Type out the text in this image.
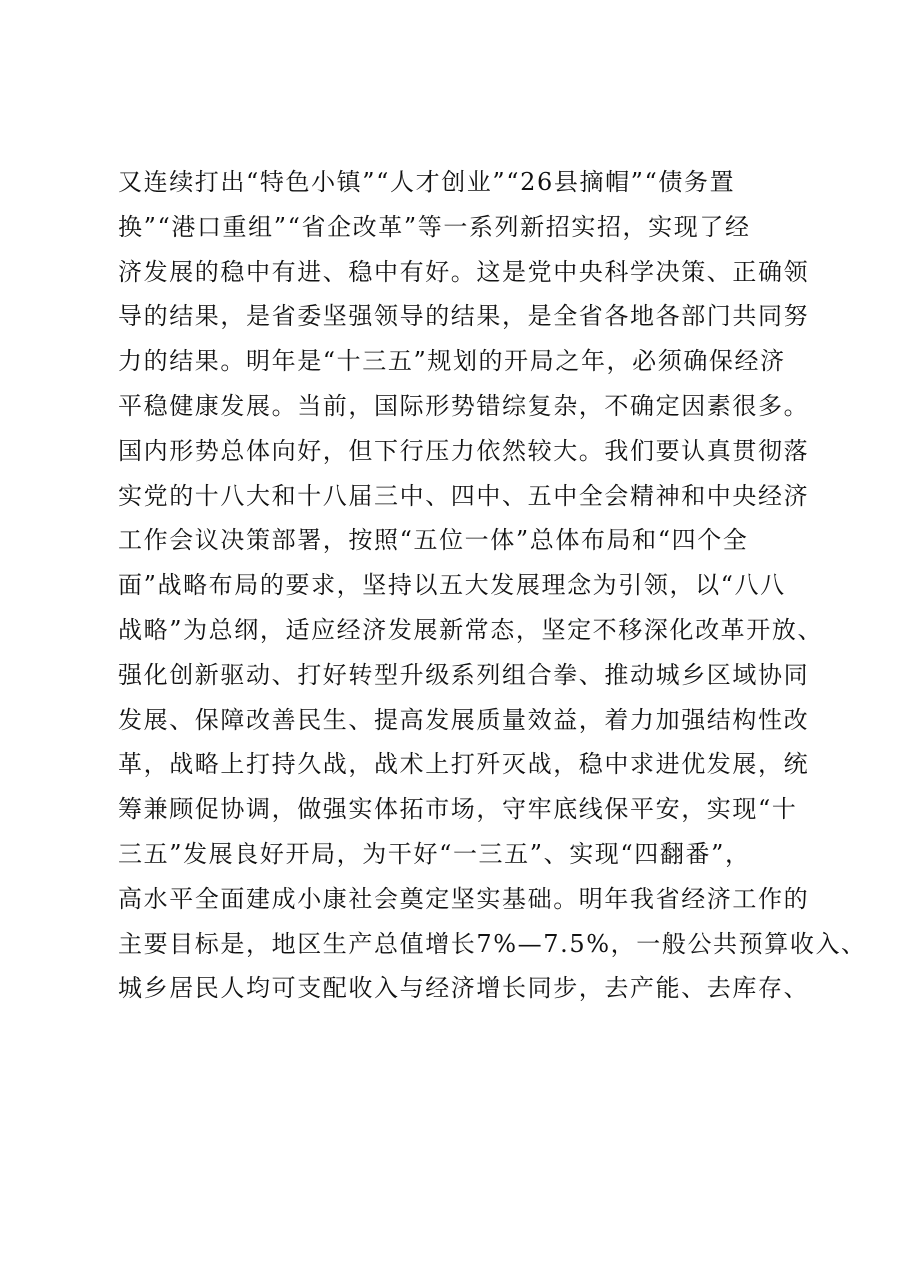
又连续打出“特色小镇”“人才创业”“26县摘帽”“债务置
换”“港口重组”“省企改革”等一系列新招实招，实现了经
济发展的稳中有进、稳中有好。这是党中央科学决策、正确领
导的结果，是省委坚强领导的结果，是全省各地各部门共同努
力的结果。明年是“十三五”规划的开局之年，必须确保经济
平稳健康发展。当前，国际形势错综复杂，不确定因素很多。
国内形势总体向好，但下行压力依然较大。我们要认真贯彻落
实党的十八大和十八届三中、四中、五中全会精神和中央经济
工作会议决策部署，按照“五位一体”总体布局和“四个全
面”战略布局的要求，坚持以五大发展理念为引领，以“八八
战略”为总纲，适应经济发展新常态，坚定不移深化改革开放、
强化创新驱动、打好转型升级系列组合拳、推动城乡区域协同
发展、保障改善民生、提高发展质量效益，着力加强结构性改
革，战略上打持久战，战术上打歼灭战，稳中求进优发展，统
筹兼顾促协调，做强实体拓市场，守牢底线保平安，实现“十
三五”发展良好开局，为干好“一三五”、实现“四翻番”，
高水平全面建成小康社会奠定坚实基础。明年我省经济工作的
主要目标是，地区生产总值增长7%—7.5%，一般公共预算收入、
城乡居民人均可支配收入与经济增长同步，去产能、去库存、
